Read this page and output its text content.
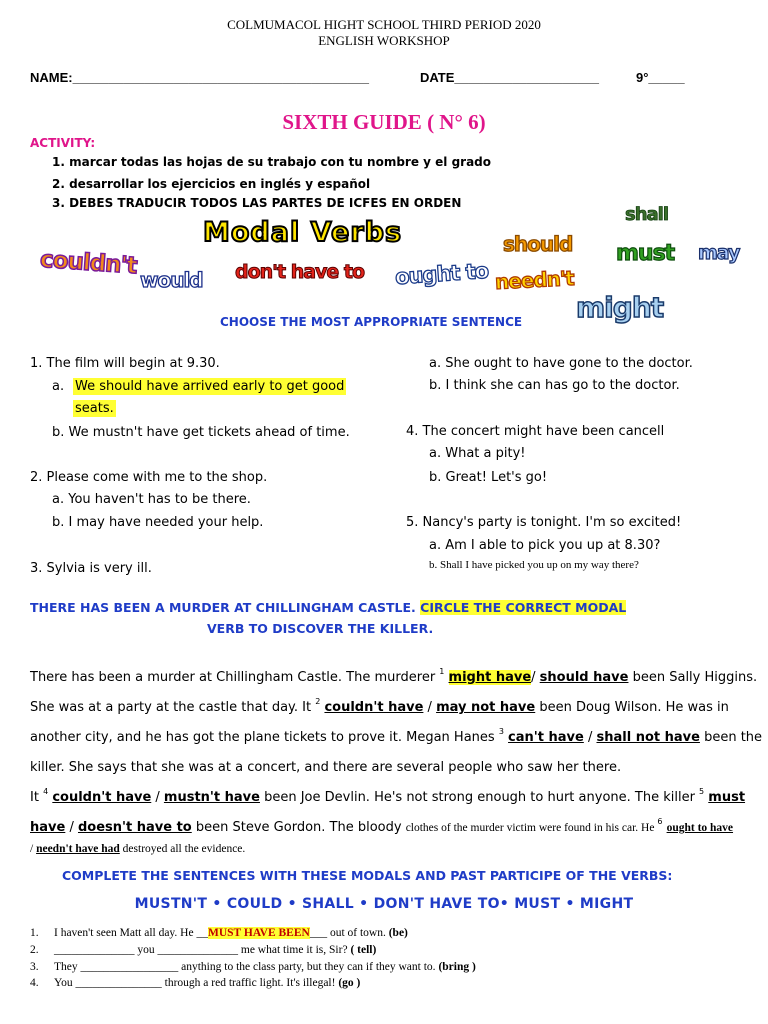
COLMUMACOL HIGHT SCHOOL THIRD PERIOD 2020
ENGLISH WORKSHOP
NAME:_________________________________________	DATE____________________	9°_____
SIXTH GUIDE ( N° 6)
ACTIVITY:
1. marcar todas las hojas de su trabajo con tu nombre y el grado
2. desarrollar los ejercicios en inglés y español
3. DEBES TRADUCIR TODOS LAS PARTES DE ICFES EN ORDEN
Modal Verbs
couldn't
would don't have to ought to needn't
should
shall
must may
might
CHOOSE THE MOST APPROPRIATE SENTENCE
1. The film will begin at 9.30.
a. We should have arrived early to get good
seats.
b. We mustn't have get tickets ahead of time.
2. Please come with me to the shop.
a. You haven't has to be there.
b. I may have needed your help.
3. Sylvia is very ill.
a. She ought to have gone to the doctor.
b. I think she can has go to the doctor.
4. The concert might have been cancell
a. What a pity!
b. Great! Let's go!
5. Nancy's party is tonight. I'm so excited!
a. Am I able to pick you up at 8.30?
b. Shall I have picked you up on my way there?
THERE HAS BEEN A MURDER AT CHILLINGHAM CASTLE. CIRCLE THE CORRECT MODAL
VERB TO DISCOVER THE KILLER.
There has been a murder at Chillingham Castle. The murderer $^1$ might have/ should have been Sally Higgins.
She was at a party at the castle that day. It $^2$ couldn't have / may not have been Doug Wilson. He was in
another city, and he has got the plane tickets to prove it. Megan Hanes $^3$ can't have / shall not have been the
killer. She says that she was at a concert, and there are several people who saw her there.
It $^4$ couldn't have / mustn't have been Joe Devlin. He's not strong enough to hurt anyone. The killer $^5$ must
have / doesn't have to been Steve Gordon. The bloody clothes of the murder victim were found in his car. He $^6$ ought to have
/ needn't have had destroyed all the evidence.
COMPLETE THE SENTENCES WITH THESE MODALS AND PAST PARTICIPE OF THE VERBS:
MUSTN'T • COULD • SHALL • DON'T HAVE TO• MUST • MIGHT
1. I haven't seen Matt all day. He __MUST HAVE BEEN___ out of town. (be)
2. ______________ you ______________ me what time it is, Sir? ( tell)
3. They _________________ anything to the class party, but they can if they want to. (bring )
4. You _______________ through a red traffic light. It's illegal! (go )
